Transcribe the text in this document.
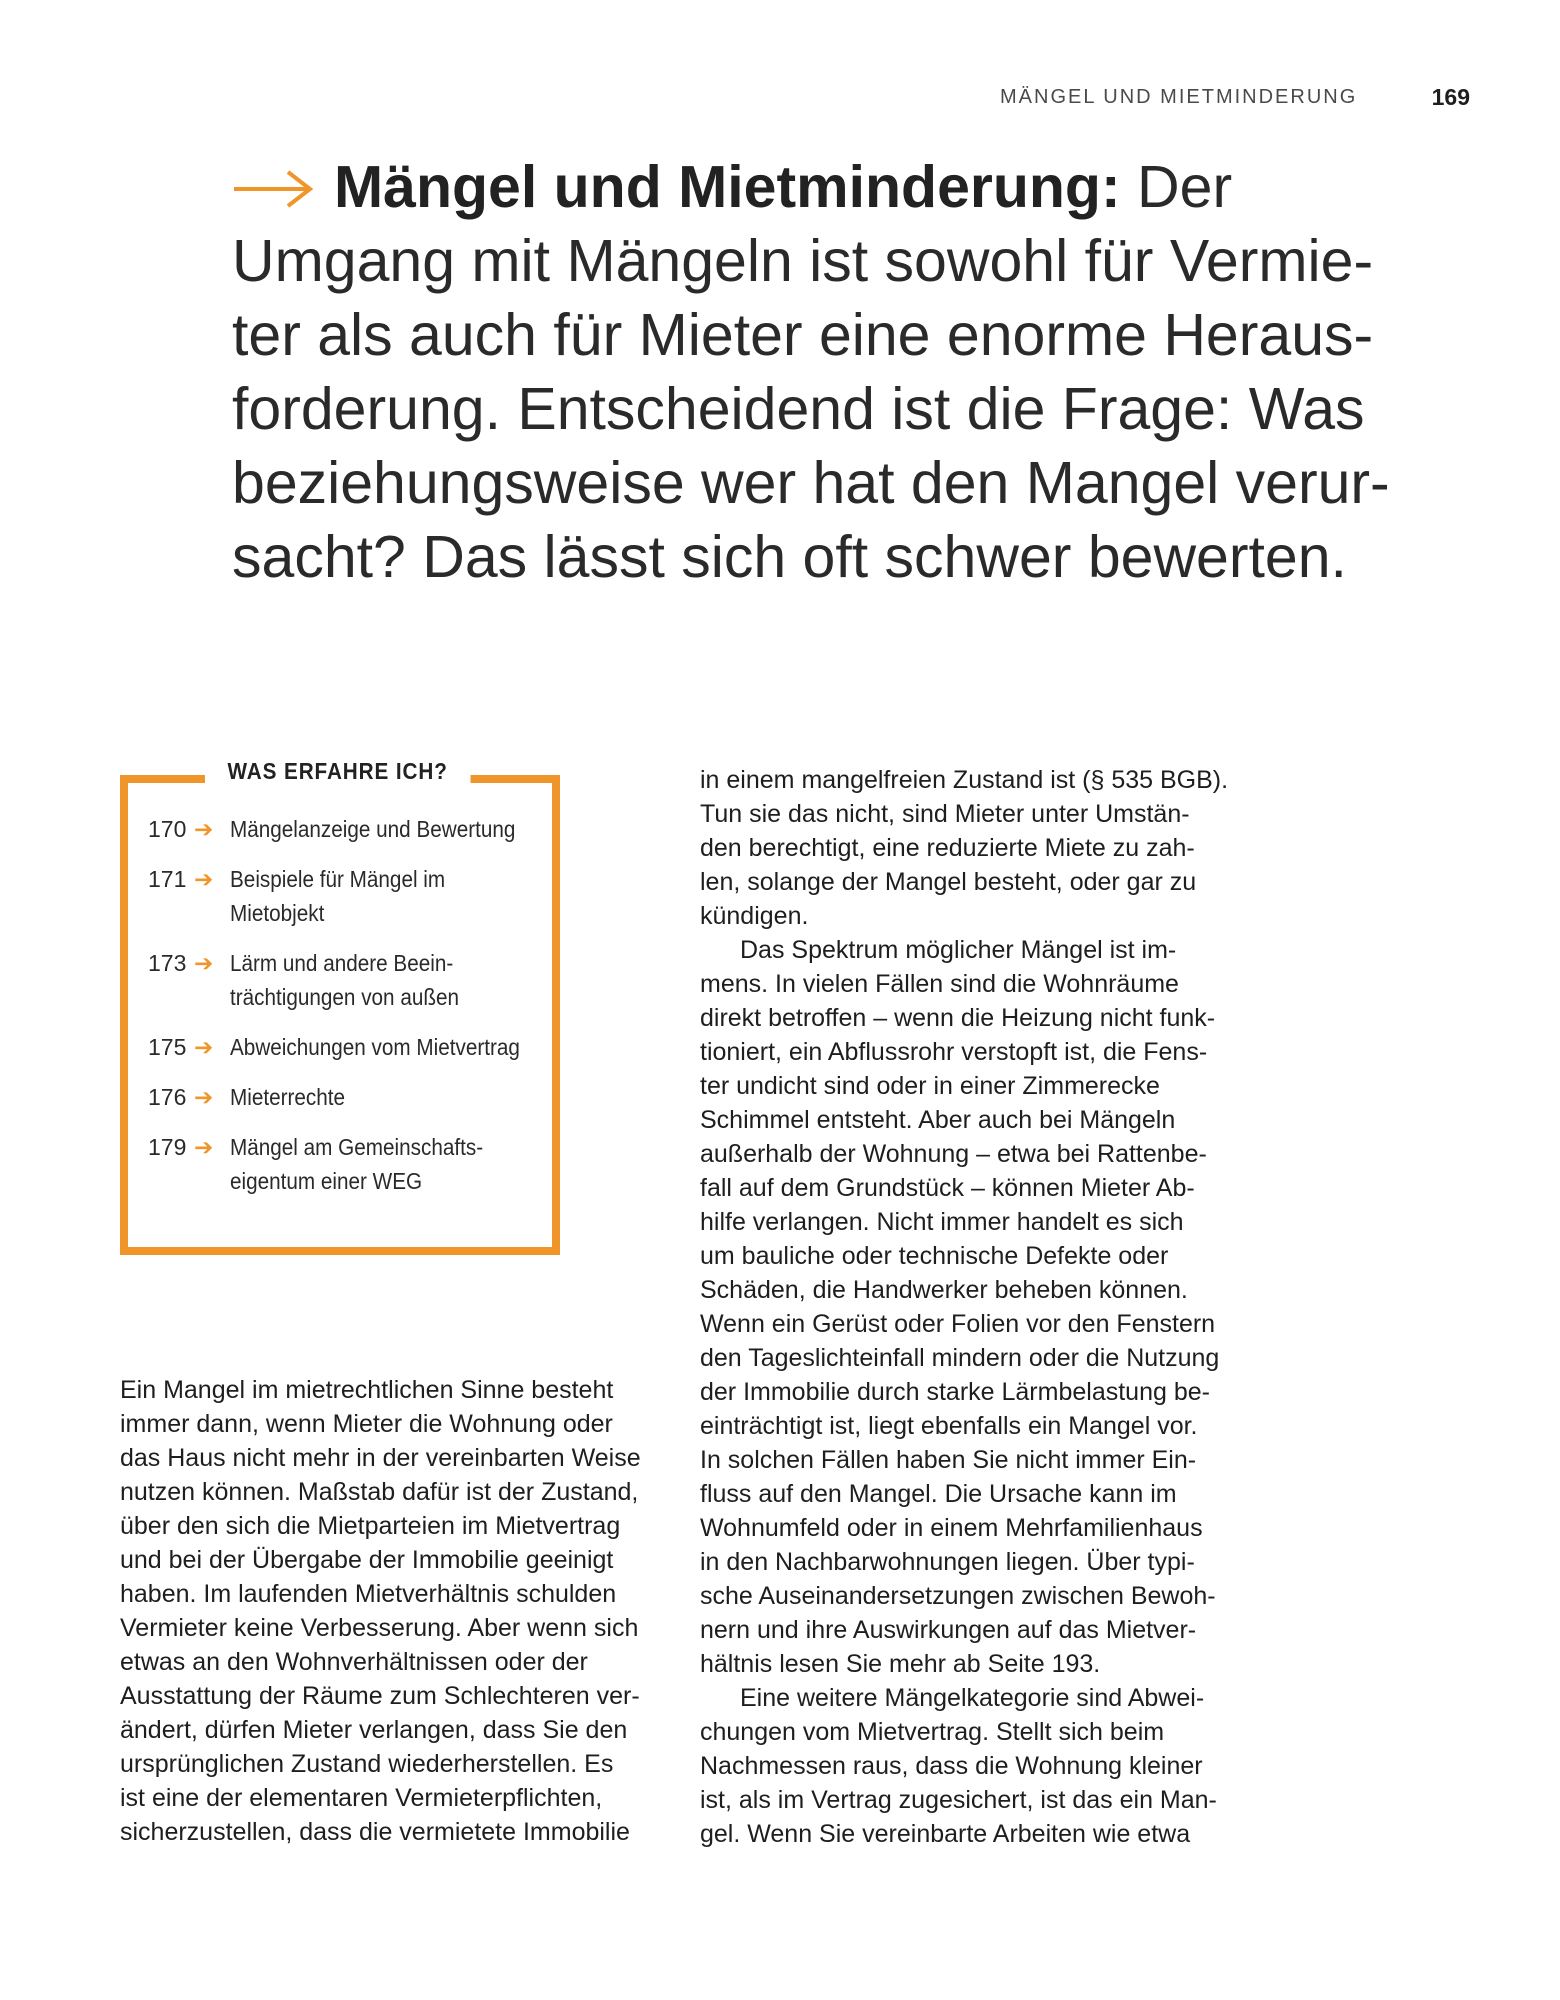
MÄNGEL UND MIETMINDERUNG	169
Mängel und Mietminderung: Der
Umgang mit Mängeln ist sowohl für Vermie-
ter als auch für Mieter eine enorme Heraus-
forderung. Entscheidend ist die Frage: Was
beziehungsweise wer hat den Mangel verur-
sacht? Das lässt sich oft schwer bewerten.
WAS ERFAHRE ICH?
170 ➔ Mängelanzeige und Bewertung
171 ➔ Beispiele für Mängel im
Mietobjekt
173 ➔ Lärm und andere Beein-
trächtigungen von außen
175 ➔ Abweichungen vom Mietvertrag
176 ➔ Mieterrechte
179 ➔ Mängel am Gemeinschafts-
eigentum einer WEG
Ein Mangel im mietrechtlichen Sinne besteht
immer dann, wenn Mieter die Wohnung oder
das Haus nicht mehr in der vereinbarten Weise
nutzen können. Maßstab dafür ist der Zustand,
über den sich die Mietparteien im Mietvertrag
und bei der Übergabe der Immobilie geeinigt
haben. Im laufenden Mietverhältnis schulden
Vermieter keine Verbesserung. Aber wenn sich
etwas an den Wohnverhältnissen oder der
Ausstattung der Räume zum Schlechteren ver-
ändert, dürfen Mieter verlangen, dass Sie den
ursprünglichen Zustand wiederherstellen. Es
ist eine der elementaren Vermieterpflichten,
sicherzustellen, dass die vermietete Immobilie
in einem mangelfreien Zustand ist (§ 535 BGB).
Tun sie das nicht, sind Mieter unter Umstän-
den berechtigt, eine reduzierte Miete zu zah-
len, solange der Mangel besteht, oder gar zu
kündigen.
Das Spektrum möglicher Mängel ist im-
mens. In vielen Fällen sind die Wohnräume
direkt betroffen – wenn die Heizung nicht funk-
tioniert, ein Abflussrohr verstopft ist, die Fens-
ter undicht sind oder in einer Zimmerecke
Schimmel entsteht. Aber auch bei Mängeln
außerhalb der Wohnung – etwa bei Rattenbe-
fall auf dem Grundstück – können Mieter Ab-
hilfe verlangen. Nicht immer handelt es sich
um bauliche oder technische Defekte oder
Schäden, die Handwerker beheben können.
Wenn ein Gerüst oder Folien vor den Fenstern
den Tageslichteinfall mindern oder die Nutzung
der Immobilie durch starke Lärmbelastung be-
einträchtigt ist, liegt ebenfalls ein Mangel vor.
In solchen Fällen haben Sie nicht immer Ein-
fluss auf den Mangel. Die Ursache kann im
Wohnumfeld oder in einem Mehrfamilienhaus
in den Nachbarwohnungen liegen. Über typi-
sche Auseinandersetzungen zwischen Bewoh-
nern und ihre Auswirkungen auf das Mietver-
hältnis lesen Sie mehr ab Seite 193.
Eine weitere Mängelkategorie sind Abwei-
chungen vom Mietvertrag. Stellt sich beim
Nachmessen raus, dass die Wohnung kleiner
ist, als im Vertrag zugesichert, ist das ein Man-
gel. Wenn Sie vereinbarte Arbeiten wie etwa
